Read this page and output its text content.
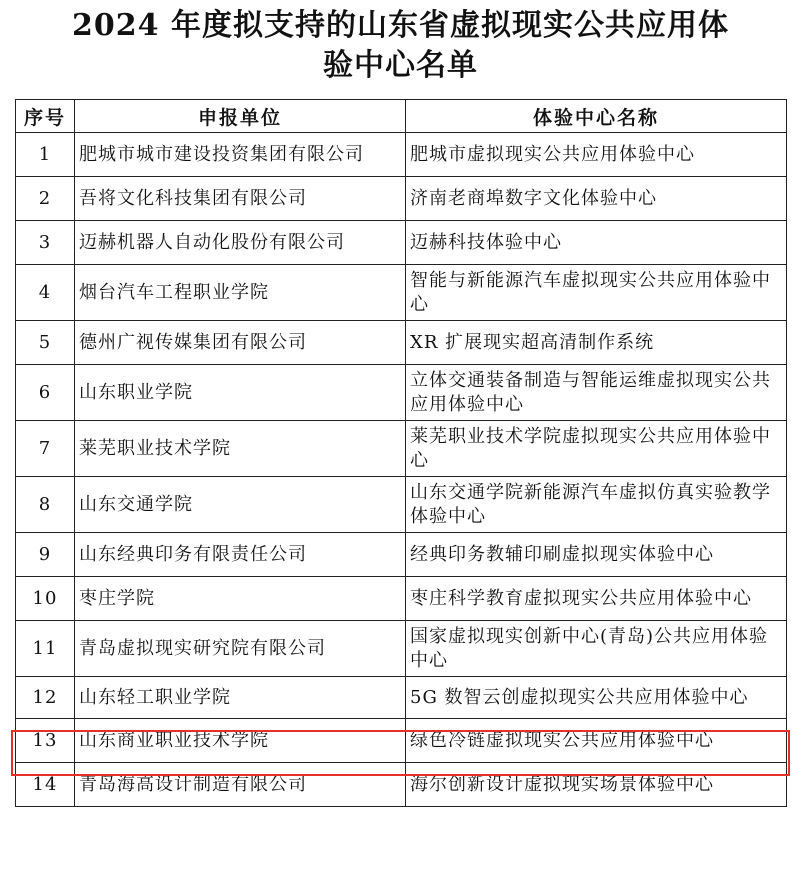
2024 年度拟支持的山东省虚拟现实公共应用体
验中心名单
序号	申报单位	体验中心名称
1	肥城市城市建设投资集团有限公司	肥城市虚拟现实公共应用体验中心
2	吾将文化科技集团有限公司	济南老商埠数字文化体验中心
3	迈赫机器人自动化股份有限公司	迈赫科技体验中心
4	烟台汽车工程职业学院	智能与新能源汽车虚拟现实公共应用体验中心
5	德州广视传媒集团有限公司	XR 扩展现实超高清制作系统
6	山东职业学院	立体交通装备制造与智能运维虚拟现实公共应用体验中心
7	莱芜职业技术学院	莱芜职业技术学院虚拟现实公共应用体验中心
8	山东交通学院	山东交通学院新能源汽车虚拟仿真实验教学体验中心
9	山东经典印务有限责任公司	经典印务教辅印刷虚拟现实体验中心
10	枣庄学院	枣庄科学教育虚拟现实公共应用体验中心
11	青岛虚拟现实研究院有限公司	国家虚拟现实创新中心(青岛)公共应用体验中心
12	山东轻工职业学院	5G 数智云创虚拟现实公共应用体验中心
13	山东商业职业技术学院	绿色冷链虚拟现实公共应用体验中心
14	青岛海高设计制造有限公司	海尔创新设计虚拟现实场景体验中心
